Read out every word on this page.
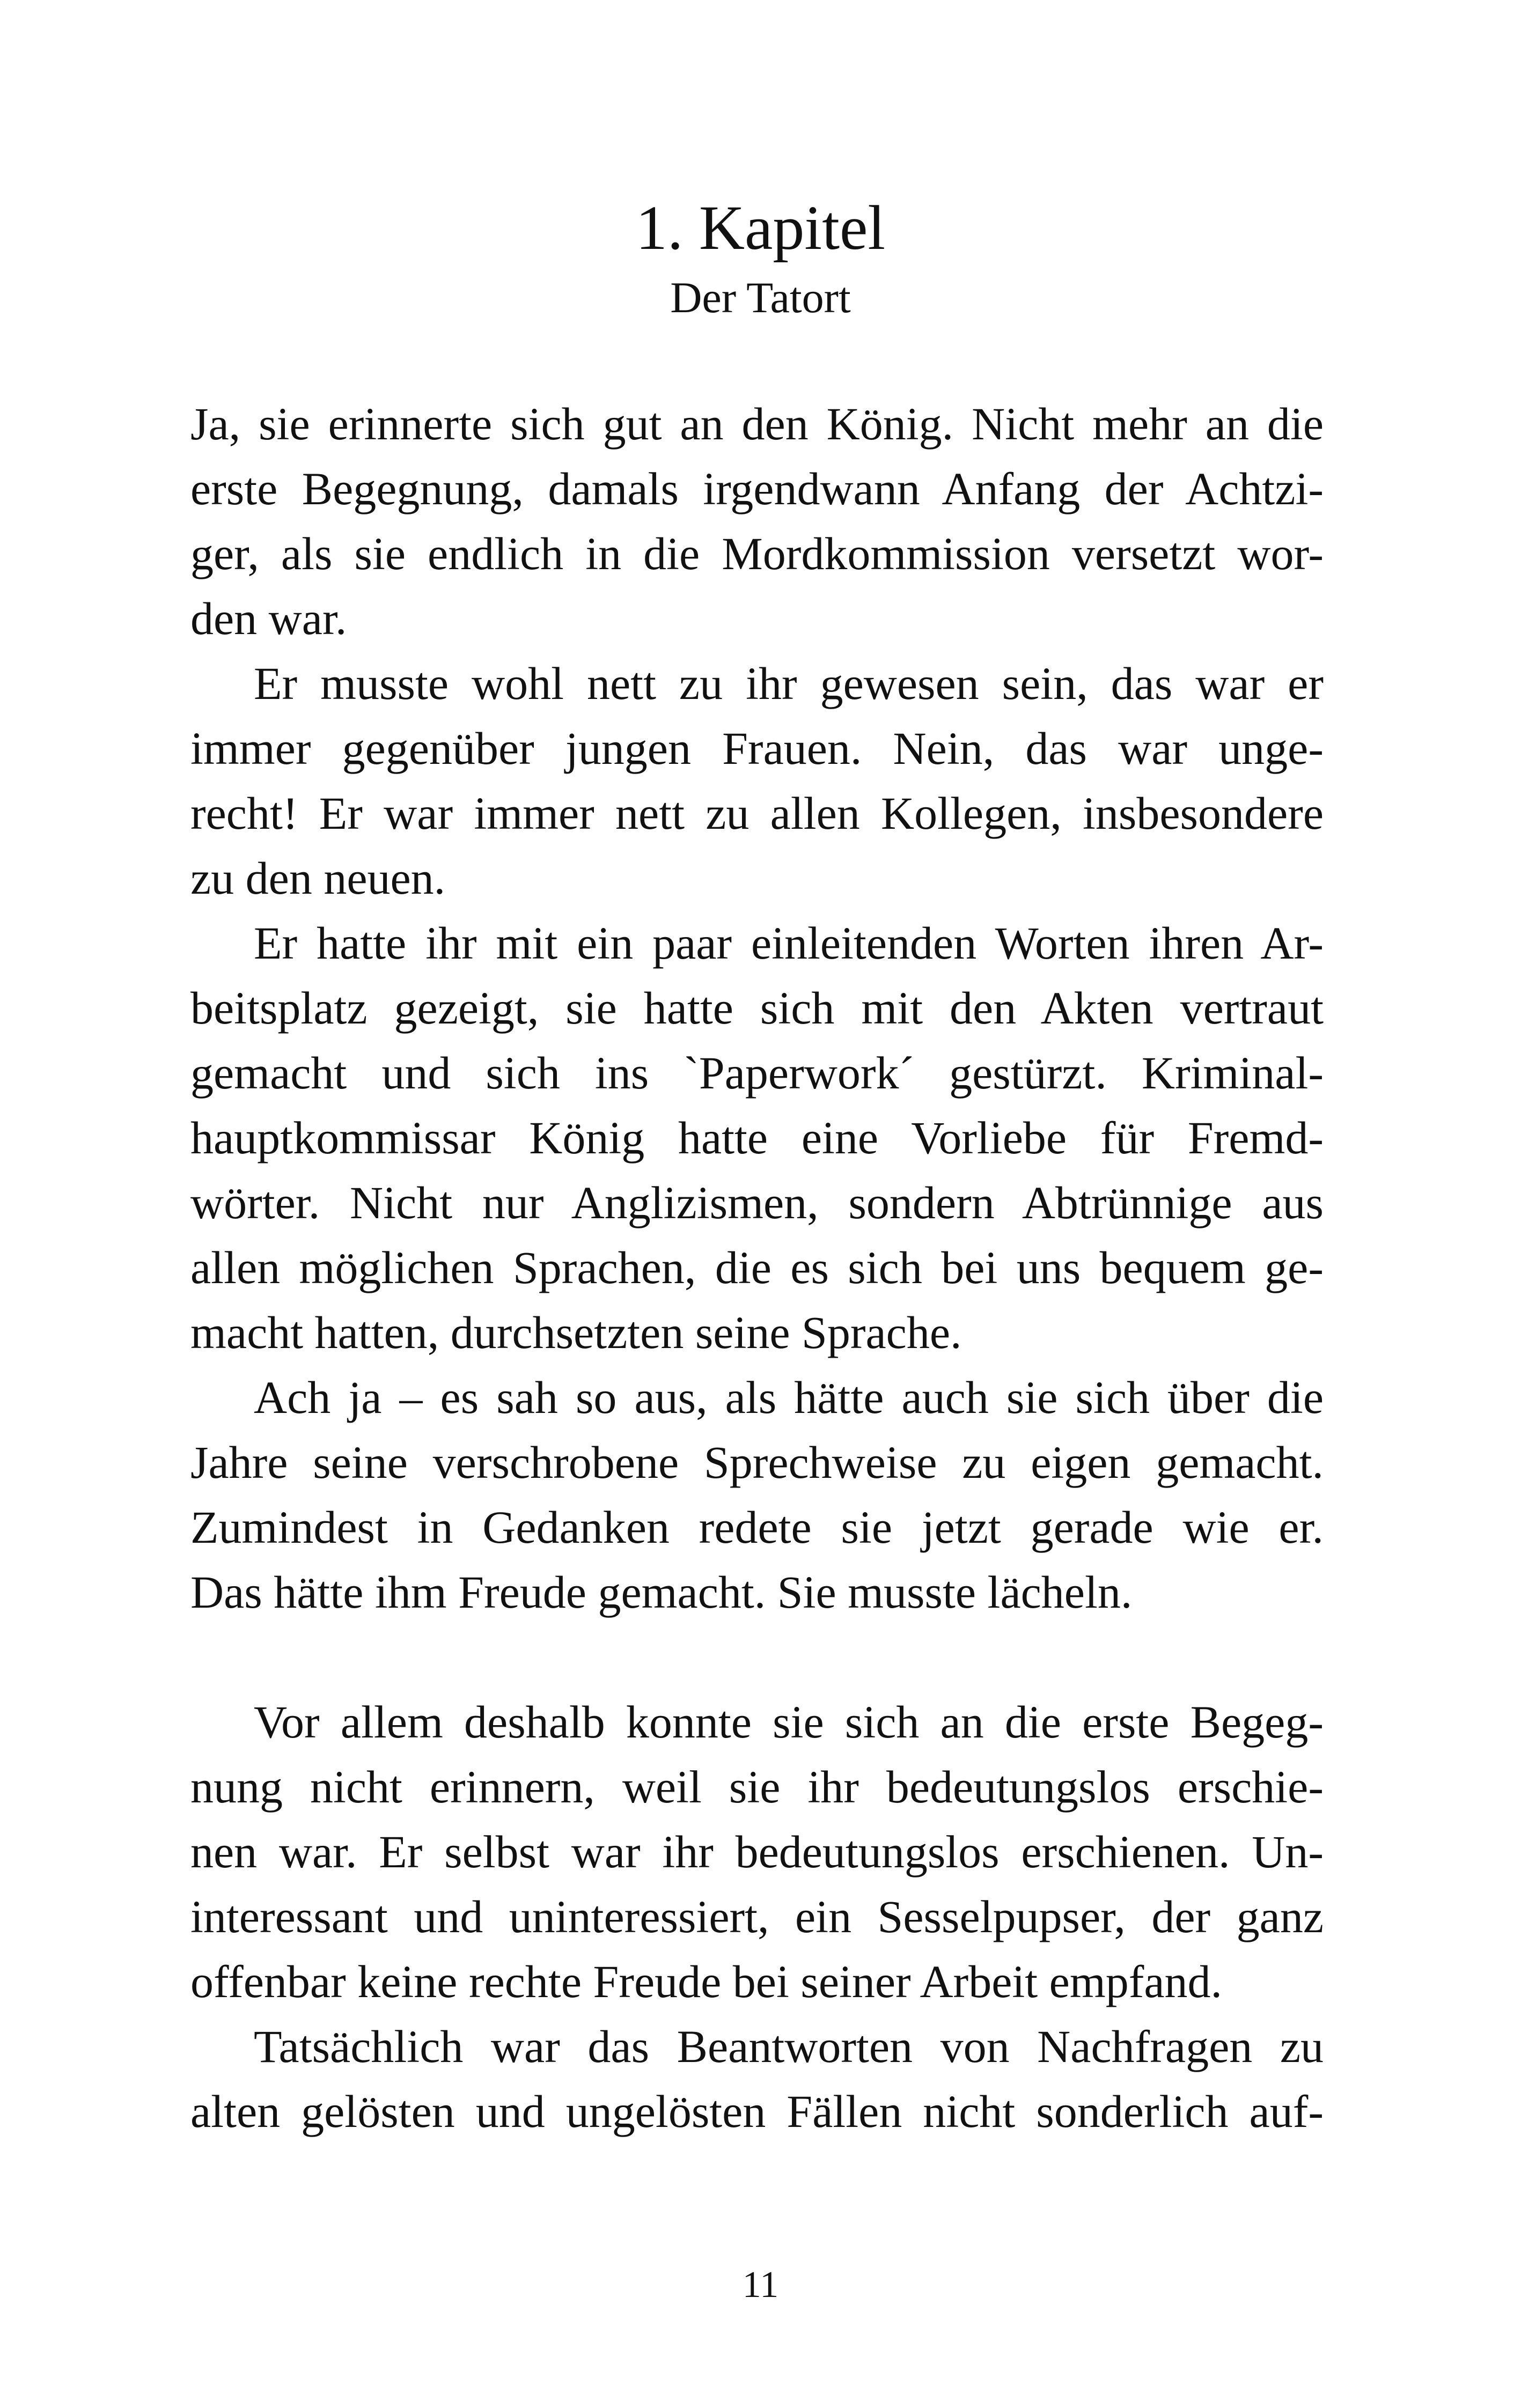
1. Kapitel
Der Tatort
Ja, sie erinnerte sich gut an den König. Nicht mehr an die
erste Begegnung, damals irgendwann Anfang der Achtzi-
ger, als sie endlich in die Mordkommission versetzt wor-
den war.
Er musste wohl nett zu ihr gewesen sein, das war er
immer gegenüber jungen Frauen. Nein, das war unge-
recht! Er war immer nett zu allen Kollegen, insbesondere
zu den neuen.
Er hatte ihr mit ein paar einleitenden Worten ihren Ar-
beitsplatz gezeigt, sie hatte sich mit den Akten vertraut
gemacht und sich ins `Paperwork´ gestürzt. Kriminal-
hauptkommissar König hatte eine Vorliebe für Fremd-
wörter. Nicht nur Anglizismen, sondern Abtrünnige aus
allen möglichen Sprachen, die es sich bei uns bequem ge-
macht hatten, durchsetzten seine Sprache.
Ach ja – es sah so aus, als hätte auch sie sich über die
Jahre seine verschrobene Sprechweise zu eigen gemacht.
Zumindest in Gedanken redete sie jetzt gerade wie er.
Das hätte ihm Freude gemacht. Sie musste lächeln.
Vor allem deshalb konnte sie sich an die erste Begeg-
nung nicht erinnern, weil sie ihr bedeutungslos erschie-
nen war. Er selbst war ihr bedeutungslos erschienen. Un-
interessant und uninteressiert, ein Sesselpupser, der ganz
offenbar keine rechte Freude bei seiner Arbeit empfand.
Tatsächlich war das Beantworten von Nachfragen zu
alten gelösten und ungelösten Fällen nicht sonderlich auf-
11
